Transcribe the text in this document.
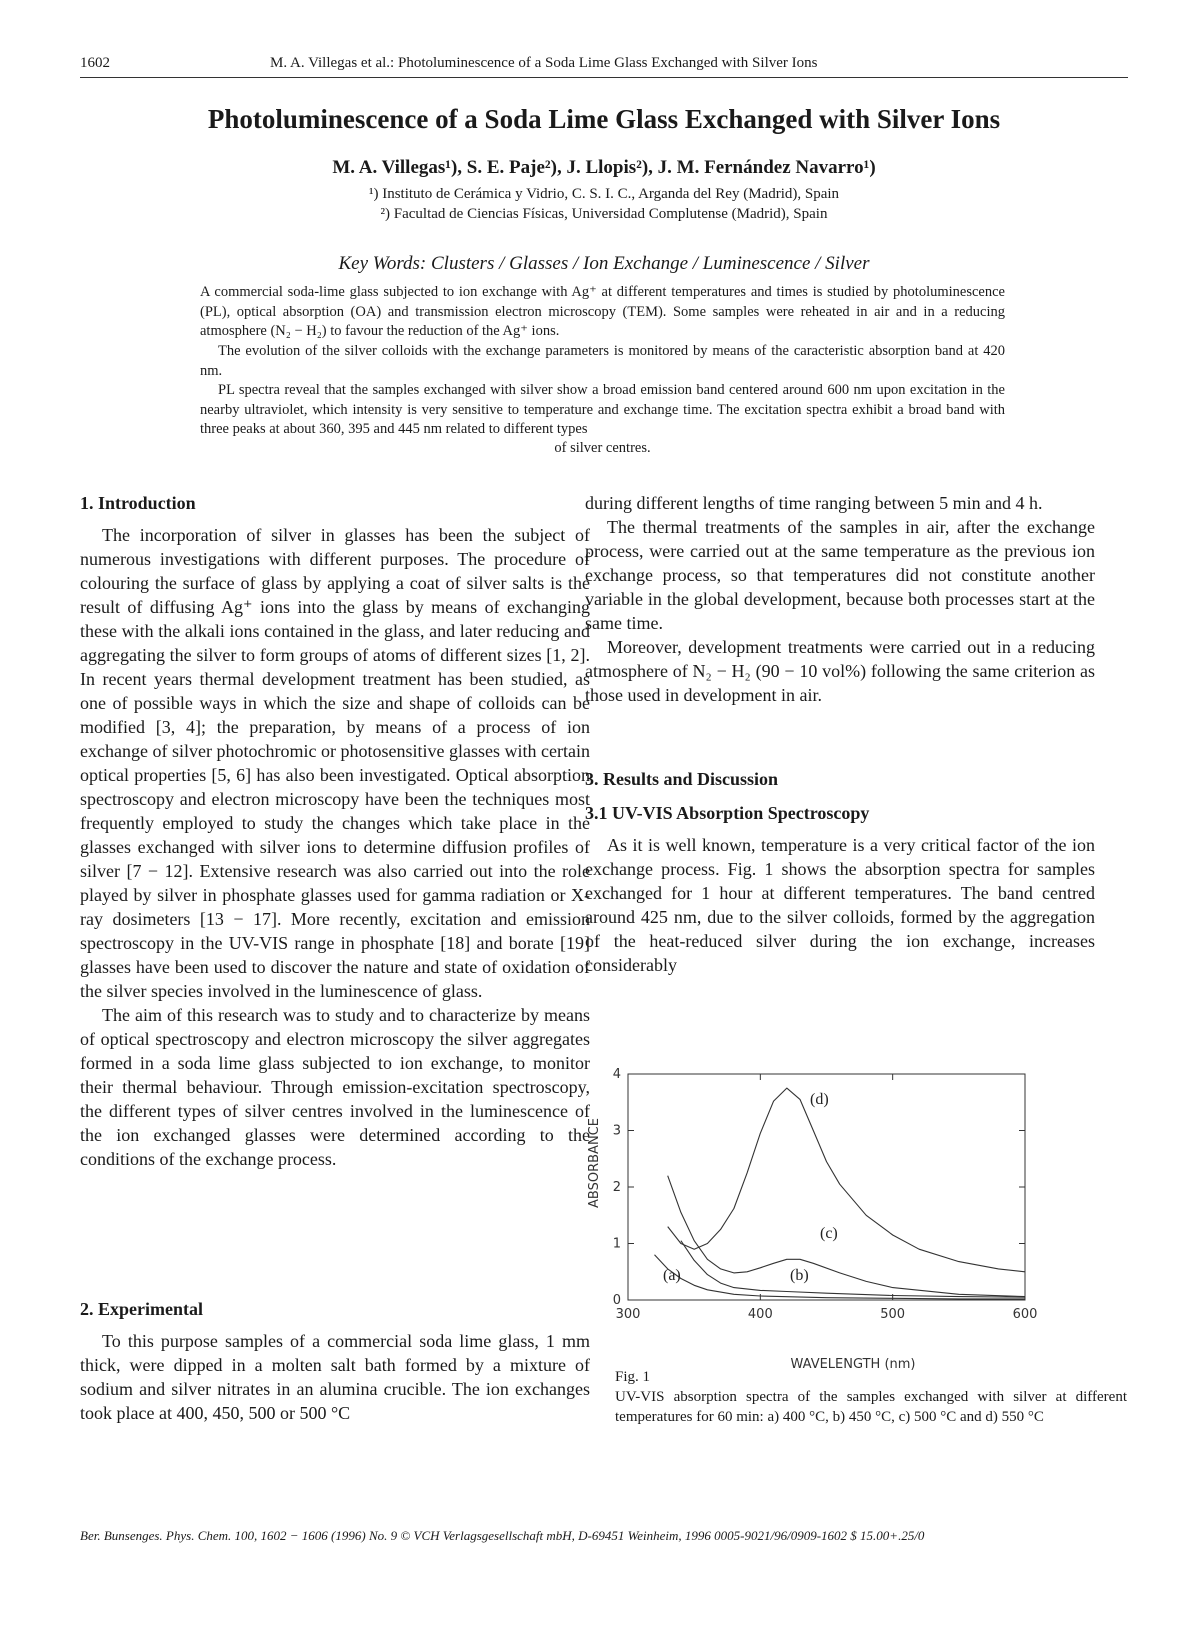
1602	M. A. Villegas et al.: Photoluminescence of a Soda Lime Glass Exchanged with Silver Ions
Photoluminescence of a Soda Lime Glass Exchanged with Silver Ions
M. A. Villegas¹), S. E. Paje²), J. Llopis²), J. M. Fernández Navarro¹)
¹) Instituto de Cerámica y Vidrio, C. S. I. C., Arganda del Rey (Madrid), Spain
²) Facultad de Ciencias Físicas, Universidad Complutense (Madrid), Spain
Key Words: Clusters / Glasses / Ion Exchange / Luminescence / Silver
A commercial soda-lime glass subjected to ion exchange with Ag⁺ at different temperatures and times is studied by photoluminescence (PL), optical absorption (OA) and transmission electron microscopy (TEM). Some samples were reheated in air and in a reducing atmosphere (N₂ − H₂) to favour the reduction of the Ag⁺ ions.
The evolution of the silver colloids with the exchange parameters is monitored by means of the caracteristic absorption band at 420 nm.
PL spectra reveal that the samples exchanged with silver show a broad emission band centered around 600 nm upon excitation in the nearby ultraviolet, which intensity is very sensitive to temperature and exchange time. The excitation spectra exhibit a broad band with three peaks at about 360, 395 and 445 nm related to different types
of silver centres.
1. Introduction

The incorporation of silver in glasses has been the subject of numerous investigations with different purposes. The procedure of colouring the surface of glass by applying a coat of silver salts is the result of diffusing Ag⁺ ions into the glass by means of exchanging these with the alkali ions contained in the glass, and later reducing and aggregating the silver to form groups of atoms of different sizes [1, 2]. In recent years thermal development treatment has been studied, as one of possible ways in which the size and shape of colloids can be modified [3, 4]; the preparation, by means of a process of ion exchange of silver photochromic or photosensitive glasses with certain optical properties [5, 6] has also been investigated. Optical absorption spectroscopy and electron microscopy have been the techniques most frequently employed to study the changes which take place in the glasses exchanged with silver ions to determine diffusion profiles of silver [7 − 12]. Extensive research was also carried out into the role played by silver in phosphate glasses used for gamma radiation or X-ray dosimeters [13 − 17]. More recently, excitation and emission spectroscopy in the UV-VIS range in phosphate [18] and borate [19] glasses have been used to discover the nature and state of oxidation of the silver species involved in the luminescence of glass.

The aim of this research was to study and to characterize by means of optical spectroscopy and electron microscopy the silver aggregates formed in a soda lime glass subjected to ion exchange, to monitor their thermal behaviour. Through emission-excitation spectroscopy, the different types of silver centres involved in the luminescence of the ion exchanged glasses were determined according to the conditions of the exchange process.

2. Experimental

To this purpose samples of a commercial soda lime glass, 1 mm thick, were dipped in a molten salt bath formed by a mixture of sodium and silver nitrates in an alumina crucible. The ion exchanges took place at 400, 450, 500 or 500 °C

during different lengths of time ranging between 5 min and 4 h.

The thermal treatments of the samples in air, after the exchange process, were carried out at the same temperature as the previous ion exchange process, so that temperatures did not constitute another variable in the global development, because both processes start at the same time.

Moreover, development treatments were carried out in a reducing atmosphere of N₂ − H₂ (90 − 10 vol%) following the same criterion as those used in development in air.

3. Results and Discussion
3.1 UV-VIS Absorption Spectroscopy

As it is well known, temperature is a very critical factor of the ion exchange process. Fig. 1 shows the absorption spectra for samples exchanged for 1 hour at different temperatures. The band centred around 425 nm, due to the silver colloids, formed by the aggregation of the heat-reduced silver during the ion exchange, increases considerably

300	400	500	600
0
1
2
3
4
(a)	(b)
(c)
(d)
WAVELENGTH (nm)
ABSORBANCE
Fig. 1
UV-VIS absorption spectra of the samples exchanged with silver at different temperatures for 60 min: a) 400 °C, b) 450 °C, c) 500 °C and d) 550 °C
Ber. Bunsenges. Phys. Chem. 100, 1602 − 1606 (1996) No. 9 © VCH Verlagsgesellschaft mbH, D-69451 Weinheim, 1996 0005-9021/96/0909-1602 $ 15.00+.25/0
